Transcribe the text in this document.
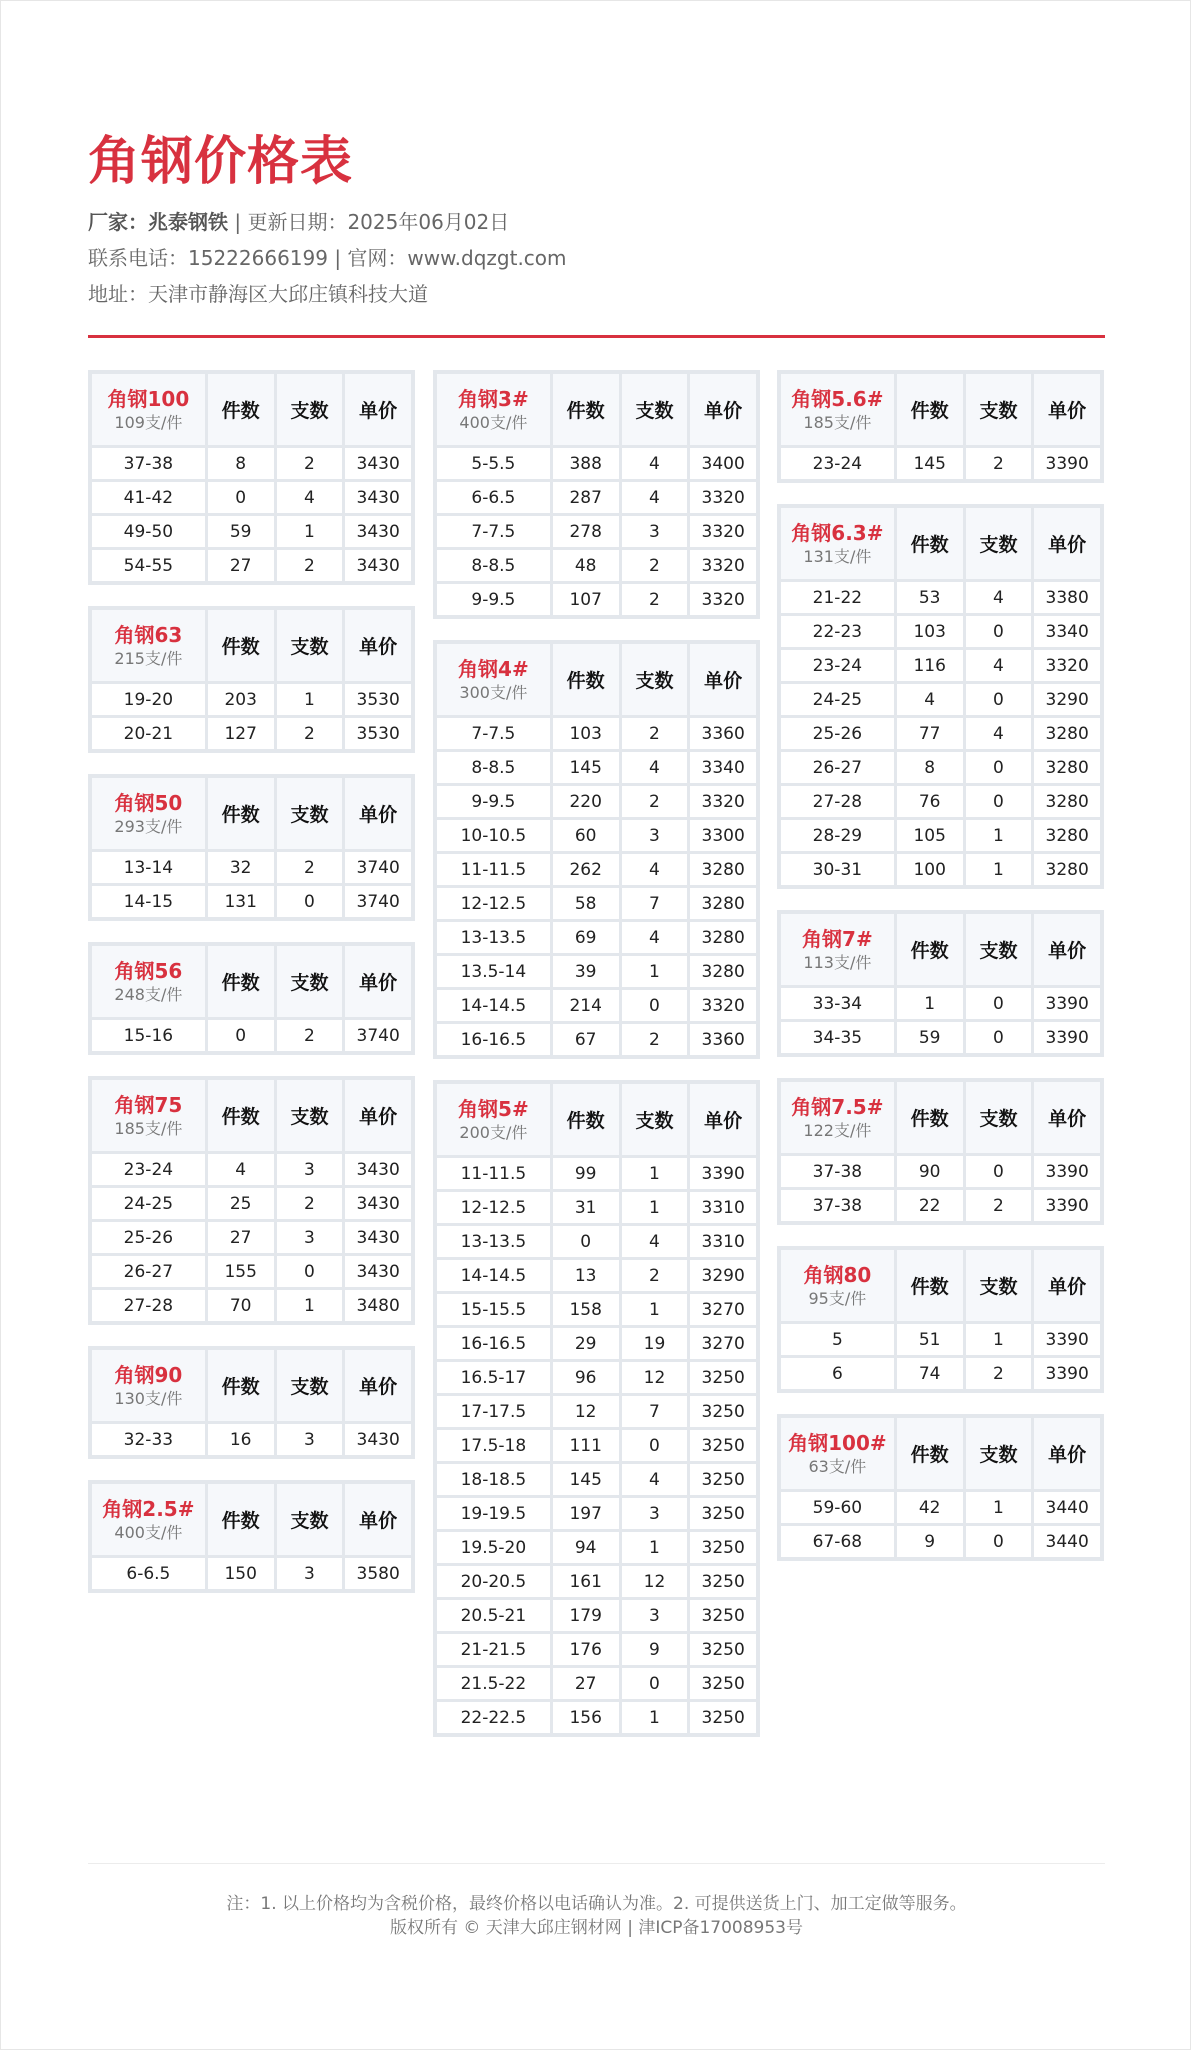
角钢价格表
厂家：兆泰钢铁 | 更新日期：2025年06月02日
联系电话：15222666199 | 官网：www.dqzgt.com
地址：天津市静海区大邱庄镇科技大道
角钢100
109支/件	件数	支数	单价
37-38	8	2	3430
41-42	0	4	3430
49-50	59	1	3430
54-55	27	2	3430
角钢63
215支/件	件数	支数	单价
19-20	203	1	3530
20-21	127	2	3530
角钢50
293支/件	件数	支数	单价
13-14	32	2	3740
14-15	131	0	3740
角钢56
248支/件	件数	支数	单价
15-16	0	2	3740
角钢75
185支/件	件数	支数	单价
23-24	4	3	3430
24-25	25	2	3430
25-26	27	3	3430
26-27	155	0	3430
27-28	70	1	3480
角钢90
130支/件	件数	支数	单价
32-33	16	3	3430
角钢2.5#
400支/件	件数	支数	单价
6-6.5	150	3	3580
角钢3#
400支/件	件数	支数	单价
5-5.5	388	4	3400
6-6.5	287	4	3320
7-7.5	278	3	3320
8-8.5	48	2	3320
9-9.5	107	2	3320
角钢4#
300支/件	件数	支数	单价
7-7.5	103	2	3360
8-8.5	145	4	3340
9-9.5	220	2	3320
10-10.5	60	3	3300
11-11.5	262	4	3280
12-12.5	58	7	3280
13-13.5	69	4	3280
13.5-14	39	1	3280
14-14.5	214	0	3320
16-16.5	67	2	3360
角钢5#
200支/件	件数	支数	单价
11-11.5	99	1	3390
12-12.5	31	1	3310
13-13.5	0	4	3310
14-14.5	13	2	3290
15-15.5	158	1	3270
16-16.5	29	19	3270
16.5-17	96	12	3250
17-17.5	12	7	3250
17.5-18	111	0	3250
18-18.5	145	4	3250
19-19.5	197	3	3250
19.5-20	94	1	3250
20-20.5	161	12	3250
20.5-21	179	3	3250
21-21.5	176	9	3250
21.5-22	27	0	3250
22-22.5	156	1	3250
角钢5.6#
185支/件	件数	支数	单价
23-24	145	2	3390
角钢6.3#
131支/件	件数	支数	单价
21-22	53	4	3380
22-23	103	0	3340
23-24	116	4	3320
24-25	4	0	3290
25-26	77	4	3280
26-27	8	0	3280
27-28	76	0	3280
28-29	105	1	3280
30-31	100	1	3280
角钢7#
113支/件	件数	支数	单价
33-34	1	0	3390
34-35	59	0	3390
角钢7.5#
122支/件	件数	支数	单价
37-38	90	0	3390
37-38	22	2	3390
角钢80
95支/件	件数	支数	单价
5	51	1	3390
6	74	2	3390
角钢100#
63支/件	件数	支数	单价
59-60	42	1	3440
67-68	9	0	3440
注：1. 以上价格均为含税价格，最终价格以电话确认为准。2. 可提供送货上门、加工定做等服务。
版权所有 © 天津大邱庄钢材网 | 津ICP备17008953号
